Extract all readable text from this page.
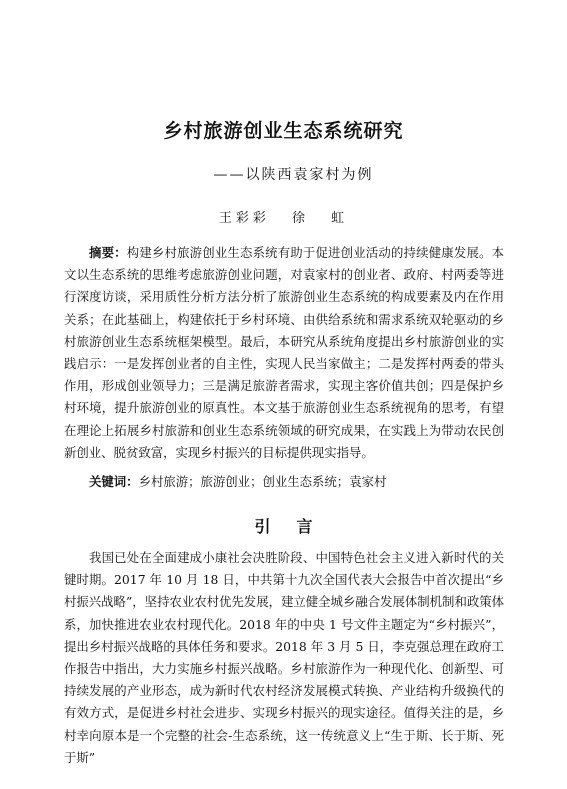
乡村旅游创业生态系统研究
——以陕西袁家村为例
王彩彩 徐 虹

摘要：构建乡村旅游创业生态系统有助于促进创业活动的持续健康发展。本文以生态系统的思维考虑旅游创业问题，对袁家村的创业者、政府、村两委等进行深度访谈，采用质性分析方法分析了旅游创业生态系统的构成要素及内在作用关系；在此基础上，构建依托于乡村环境、由供给系统和需求系统双轮驱动的乡村旅游创业生态系统框架模型。最后，本研究从系统角度提出乡村旅游创业的实践启示：一是发挥创业者的自主性，实现人民当家做主；二是发挥村两委的带头作用，形成创业领导力；三是满足旅游者需求，实现主客价值共创；四是保护乡村环境，提升旅游创业的原真性。本文基于旅游创业生态系统视角的思考，有望在理论上拓展乡村旅游和创业生态系统领域的研究成果，在实践上为带动农民创新创业、脱贫致富，实现乡村振兴的目标提供现实指导。

关键词：乡村旅游；旅游创业；创业生态系统；袁家村

引言

我国已处在全面建成小康社会决胜阶段、中国特色社会主义进入新时代的关键时期。2017 年 10 月 18 日，中共第十九次全国代表大会报告中首次提出“乡村振兴战略”，坚持农业农村优先发展，建立健全城乡融合发展体制机制和政策体系，加快推进农业农村现代化。2018 年的中央 1 号文件主题定为“乡村振兴”，提出乡村振兴战略的具体任务和要求。2018 年 3 月 5 日，李克强总理在政府工作报告中指出，大力实施乡村振兴战略。乡村旅游作为一种现代化、创新型、可持续发展的产业形态，成为新时代农村经济发展模式转换、产业结构升级换代的有效方式，是促进乡村社会进步、实现乡村振兴的现实途径。值得关注的是，乡村幸向原本是一个完整的社会-生态系统，这一传统意义上“生于斯、长于斯、死于斯”
